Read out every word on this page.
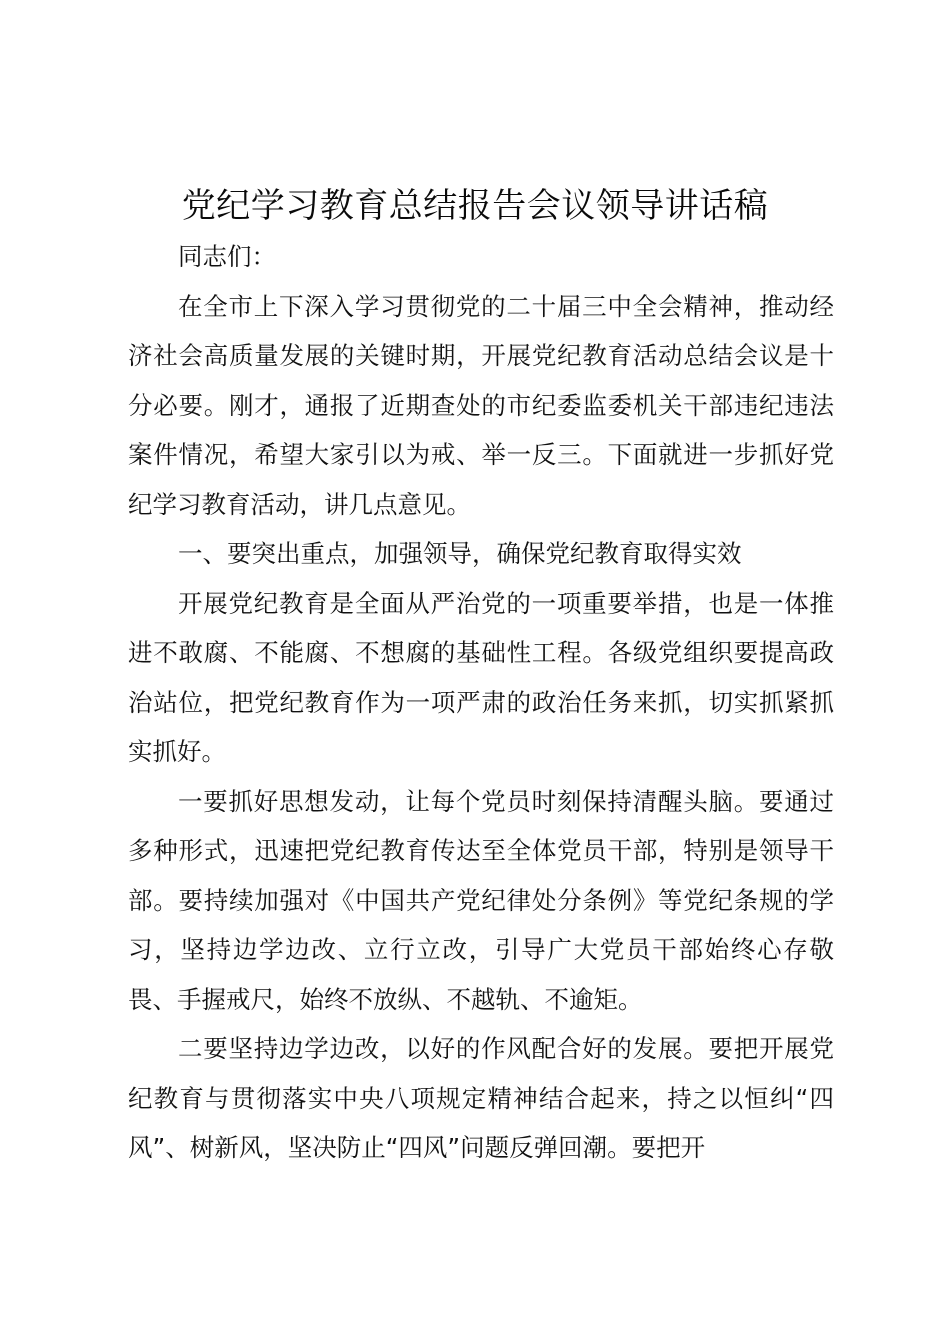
党纪学习教育总结报告会议领导讲话稿

同志们：

在全市上下深入学习贯彻党的二十届三中全会精神，推动经济社会高质量发展的关键时期，开展党纪教育活动总结会议是十分必要。刚才，通报了近期查处的市纪委监委机关干部违纪违法案件情况，希望大家引以为戒、举一反三。下面就进一步抓好党纪学习教育活动，讲几点意见。

一、要突出重点，加强领导，确保党纪教育取得实效

开展党纪教育是全面从严治党的一项重要举措，也是一体推进不敢腐、不能腐、不想腐的基础性工程。各级党组织要提高政治站位，把党纪教育作为一项严肃的政治任务来抓，切实抓紧抓实抓好。

一要抓好思想发动，让每个党员时刻保持清醒头脑。要通过多种形式，迅速把党纪教育传达至全体党员干部，特别是领导干部。要持续加强对《中国共产党纪律处分条例》等党纪条规的学习，坚持边学边改、立行立改，引导广大党员干部始终心存敬畏、手握戒尺，始终不放纵、不越轨、不逾矩。

二要坚持边学边改，以好的作风配合好的发展。要把开展党纪教育与贯彻落实中央八项规定精神结合起来，持之以恒纠“四风”、树新风，坚决防止“四风”问题反弹回潮。要把开
